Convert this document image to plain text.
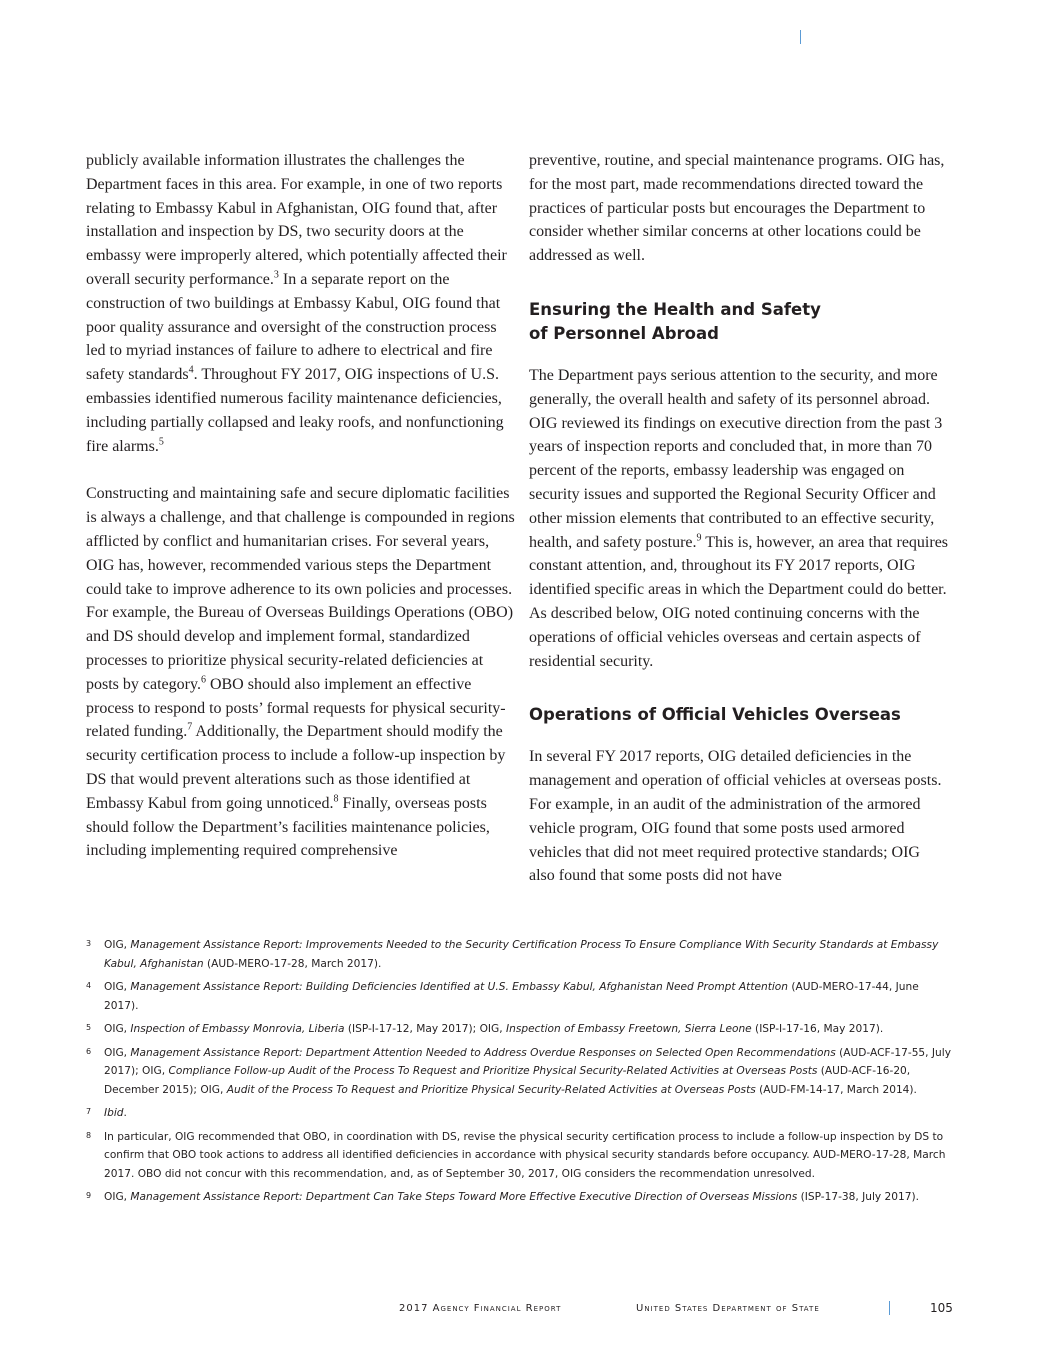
publicly available information illustrates the challenges the Department faces in this area. For example, in one of two reports relating to Embassy Kabul in Afghanistan, OIG found that, after installation and inspection by DS, two security doors at the embassy were improperly altered, which potentially affected their overall security performance.$^3$ In a separate report on the construction of two buildings at Embassy Kabul, OIG found that poor quality assurance and oversight of the construction process led to myriad instances of failure to adhere to electrical and fire safety standards$^4$. Throughout FY 2017, OIG inspections of U.S. embassies identified numerous facility maintenance deficiencies, including partially collapsed and leaky roofs, and nonfunctioning fire alarms.$^5$

Constructing and maintaining safe and secure diplomatic facilities is always a challenge, and that challenge is compounded in regions afflicted by conflict and humanitarian crises. For several years, OIG has, however, recommended various steps the Department could take to improve adherence to its own policies and processes. For example, the Bureau of Overseas Buildings Operations (OBO) and DS should develop and implement formal, standardized processes to prioritize physical security-related deficiencies at posts by category.$^6$ OBO should also implement an effective process to respond to posts’ formal requests for physical security-related funding.$^7$ Additionally, the Department should modify the security certification process to include a follow-up inspection by DS that would prevent alterations such as those identified at Embassy Kabul from going unnoticed.$^8$ Finally, overseas posts should follow the Department’s facilities maintenance policies, including implementing required comprehensive

preventive, routine, and special maintenance programs. OIG has, for the most part, made recommendations directed toward the practices of particular posts but encourages the Department to consider whether similar concerns at other locations could be addressed as well.

Ensuring the Health and Safety
of Personnel Abroad

The Department pays serious attention to the security, and more generally, the overall health and safety of its personnel abroad. OIG reviewed its findings on executive direction from the past 3 years of inspection reports and concluded that, in more than 70 percent of the reports, embassy leadership was engaged on security issues and supported the Regional Security Officer and other mission elements that contributed to an effective security, health, and safety posture.$^9$ This is, however, an area that requires constant attention, and, throughout its FY 2017 reports, OIG identified specific areas in which the Department could do better. As described below, OIG noted continuing concerns with the operations of official vehicles overseas and certain aspects of residential security.

Operations of Official Vehicles Overseas

In several FY 2017 reports, OIG detailed deficiencies in the management and operation of official vehicles at overseas posts. For example, in an audit of the administration of the armored vehicle program, OIG found that some posts used armored vehicles that did not meet required protective standards; OIG also found that some posts did not have

3 OIG, Management Assistance Report: Improvements Needed to the Security Certification Process To Ensure Compliance With Security Standards at Embassy Kabul, Afghanistan (AUD-MERO-17-28, March 2017).
4 OIG, Management Assistance Report: Building Deficiencies Identified at U.S. Embassy Kabul, Afghanistan Need Prompt Attention (AUD-MERO-17-44, June 2017).
5 OIG, Inspection of Embassy Monrovia, Liberia (ISP-I-17-12, May 2017); OIG, Inspection of Embassy Freetown, Sierra Leone (ISP-I-17-16, May 2017).
6 OIG, Management Assistance Report: Department Attention Needed to Address Overdue Responses on Selected Open Recommendations (AUD-ACF-17-55, July 2017); OIG, Compliance Follow-up Audit of the Process To Request and Prioritize Physical Security-Related Activities at Overseas Posts (AUD-ACF-16-20, December 2015); OIG, Audit of the Process To Request and Prioritize Physical Security-Related Activities at Overseas Posts (AUD-FM-14-17, March 2014).
7 Ibid.
8 In particular, OIG recommended that OBO, in coordination with DS, revise the physical security certification process to include a follow-up inspection by DS to confirm that OBO took actions to address all identified deficiencies in accordance with physical security standards before occupancy. AUD-MERO-17-28, March 2017. OBO did not concur with this recommendation, and, as of September 30, 2017, OIG considers the recommendation unresolved.
9 OIG, Management Assistance Report: Department Can Take Steps Toward More Effective Executive Direction of Overseas Missions (ISP-17-38, July 2017).
2017 Agency Financial Report	United States Department of State	105
